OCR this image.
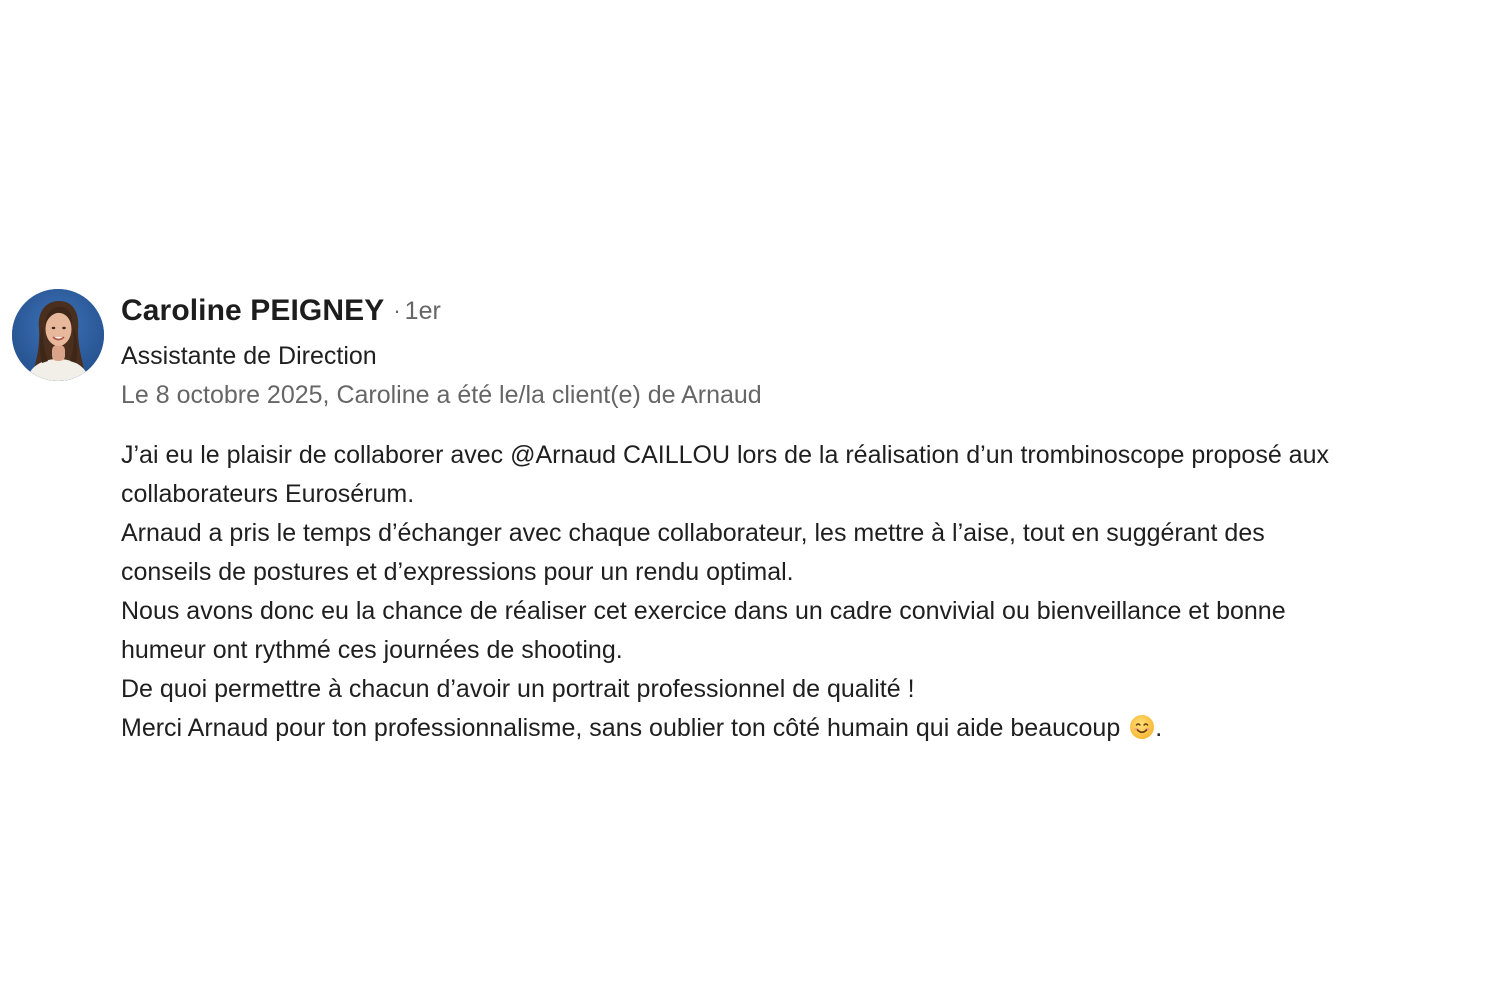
Caroline PEIGNEY · 1er
Assistante de Direction
Le 8 octobre 2025, Caroline a été le/la client(e) de Arnaud

J’ai eu le plaisir de collaborer avec @Arnaud CAILLOU lors de la réalisation d’un trombinoscope proposé aux

collaborateurs Eurosérum.

Arnaud a pris le temps d’échanger avec chaque collaborateur, les mettre à l’aise, tout en suggérant des

conseils de postures et d’expressions pour un rendu optimal.

Nous avons donc eu la chance de réaliser cet exercice dans un cadre convivial ou bienveillance et bonne

humeur ont rythmé ces journées de shooting.

De quoi permettre à chacun d’avoir un portrait professionnel de qualité !

Merci Arnaud pour ton professionnalisme, sans oublier ton côté humain qui aide beaucoup
.
